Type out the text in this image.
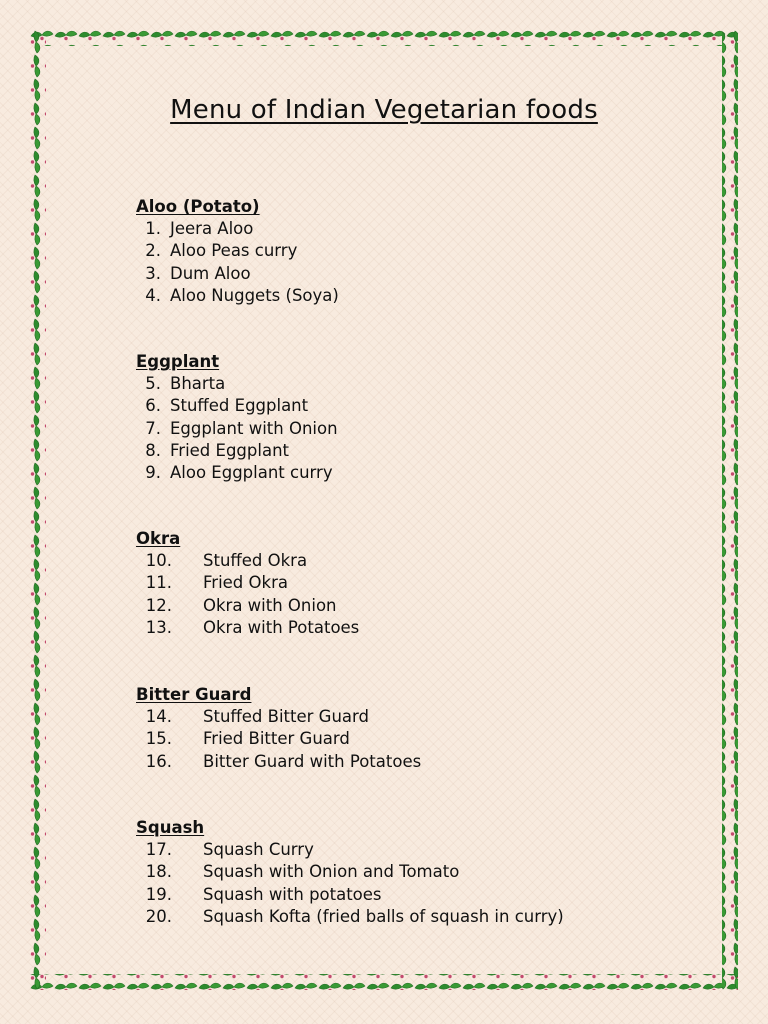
Menu of Indian Vegetarian foods
Aloo (Potato)
1. Jeera Aloo
2. Aloo Peas curry
3. Dum Aloo
4. Aloo Nuggets (Soya)
Eggplant
5. Bharta
6. Stuffed Eggplant
7. Eggplant with Onion
8. Fried Eggplant
9. Aloo Eggplant curry
Okra
10. Stuffed Okra
11. Fried Okra
12. Okra with Onion
13. Okra with Potatoes
Bitter Guard
14. Stuffed Bitter Guard
15. Fried Bitter Guard
16. Bitter Guard with Potatoes
Squash
17. Squash Curry
18. Squash with Onion and Tomato
19. Squash with potatoes
20. Squash Kofta (fried balls of squash in curry)
